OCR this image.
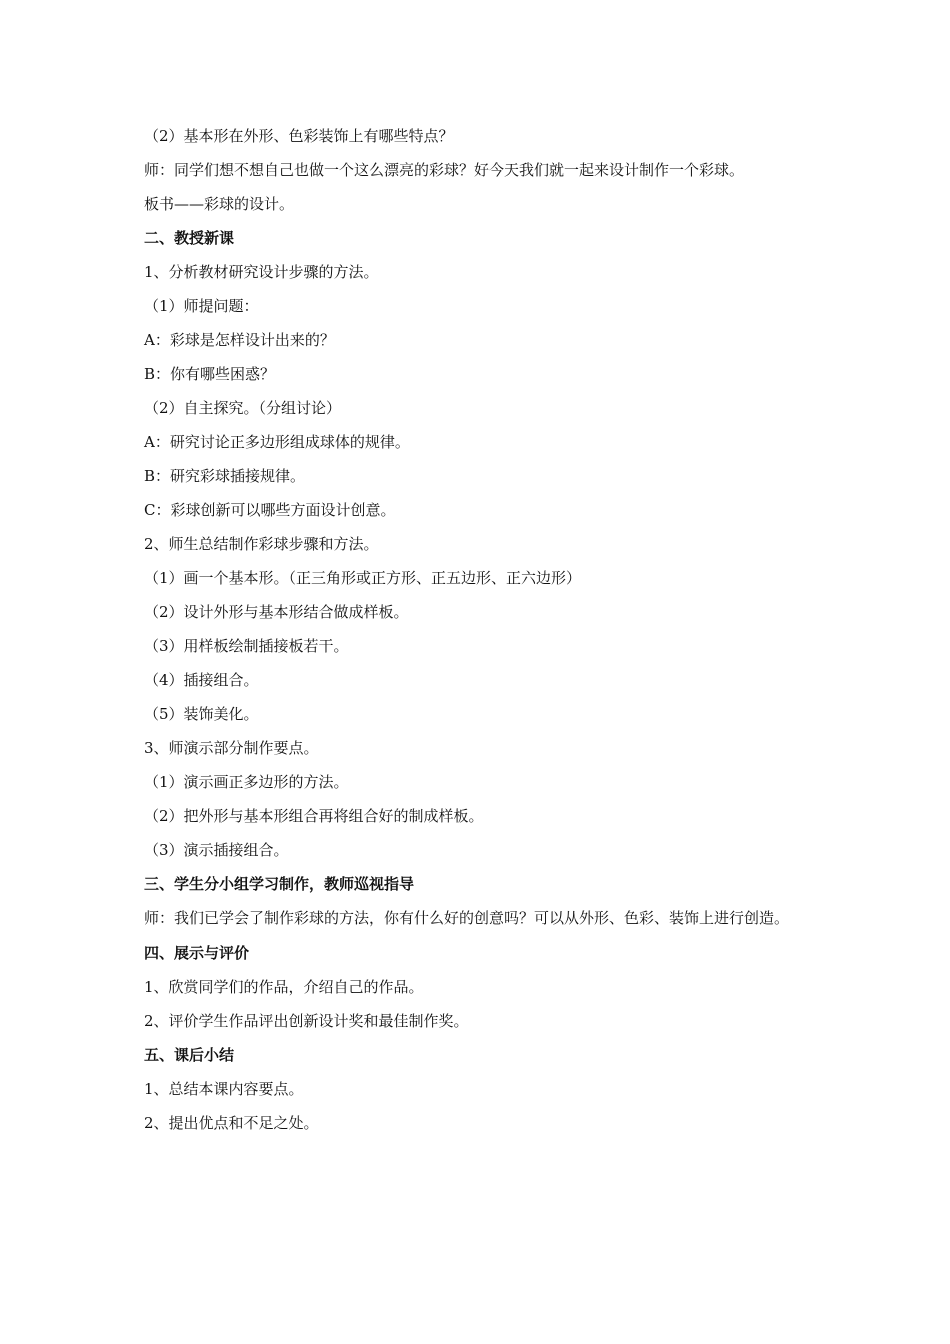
（2）基本形在外形、色彩装饰上有哪些特点？
师：同学们想不想自己也做一个这么漂亮的彩球？好今天我们就一起来设计制作一个彩球。
板书——彩球的设计。
二、教授新课
1、分析教材研究设计步骤的方法。
（1）师提问题：
A：彩球是怎样设计出来的？
B：你有哪些困惑？
（2）自主探究。（分组讨论）
A：研究讨论正多边形组成球体的规律。
B：研究彩球插接规律。
C：彩球创新可以哪些方面设计创意。
2、师生总结制作彩球步骤和方法。
（1）画一个基本形。（正三角形或正方形、正五边形、正六边形）
（2）设计外形与基本形结合做成样板。
（3）用样板绘制插接板若干。
（4）插接组合。
（5）装饰美化。
3、师演示部分制作要点。
（1）演示画正多边形的方法。
（2）把外形与基本形组合再将组合好的制成样板。
（3）演示插接组合。
三、学生分小组学习制作，教师巡视指导
师：我们已学会了制作彩球的方法，你有什么好的创意吗？可以从外形、色彩、装饰上进行创造。
四、展示与评价
1、欣赏同学们的作品，介绍自己的作品。
2、评价学生作品评出创新设计奖和最佳制作奖。
五、课后小结
1、总结本课内容要点。
2、提出优点和不足之处。
